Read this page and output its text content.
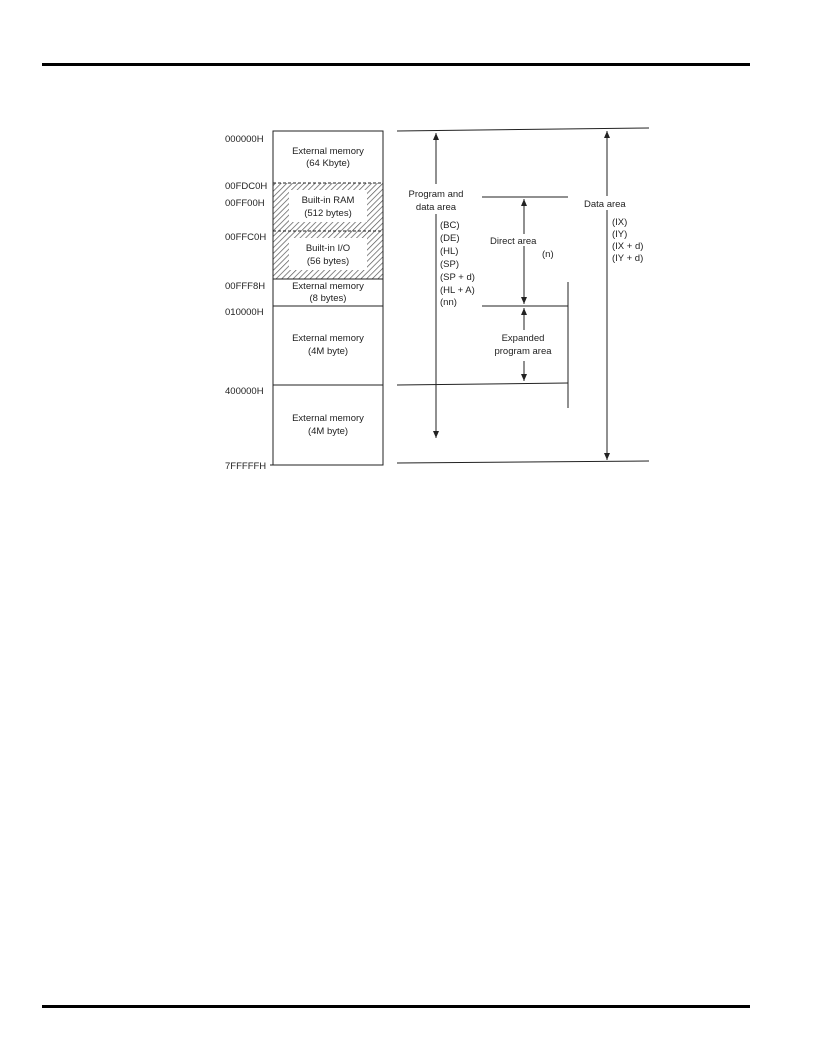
000000H
00FDC0H
00FF00H
00FFC0H
00FFF8H
010000H
400000H
7FFFFFH
External memory
(64 Kbyte)
Built-in RAM
(512 bytes)
Built-in I/O
(56 bytes)
External memory
(8 bytes)
External memory
(4M byte)
External memory
(4M byte)
Program and
data area
(BC)
(DE)
(HL)
(SP)
(SP + d)
(HL + A)
(nn)
Direct area
(n)
Expanded
program area
Data area
(IX)
(IY)
(IX + d)
(IY + d)
